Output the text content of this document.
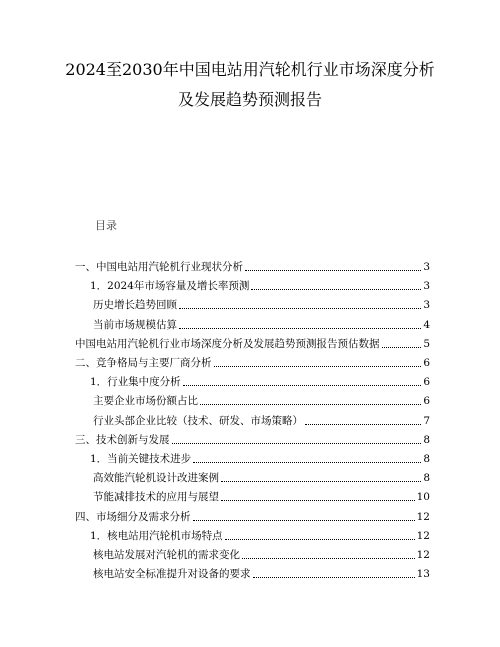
2024至2030年中国电站用汽轮机行业市场深度分析
及发展趋势预测报告
目录
一、中国电站用汽轮机行业现状分析	3
1．2024年市场容量及增长率预测	3
历史增长趋势回顾	3
当前市场规模估算	4
中国电站用汽轮机行业市场深度分析及发展趋势预测报告预估数据	5
二、竞争格局与主要厂商分析	6
1．行业集中度分析	6
主要企业市场份额占比	6
行业头部企业比较（技术、研发、市场策略）	7
三、技术创新与发展	8
1．当前关键技术进步	8
高效能汽轮机设计改进案例	8
节能减排技术的应用与展望	10
四、市场细分及需求分析	12
1．核电站用汽轮机市场特点	12
核电站发展对汽轮机的需求变化	12
核电站安全标准提升对设备的要求	13
